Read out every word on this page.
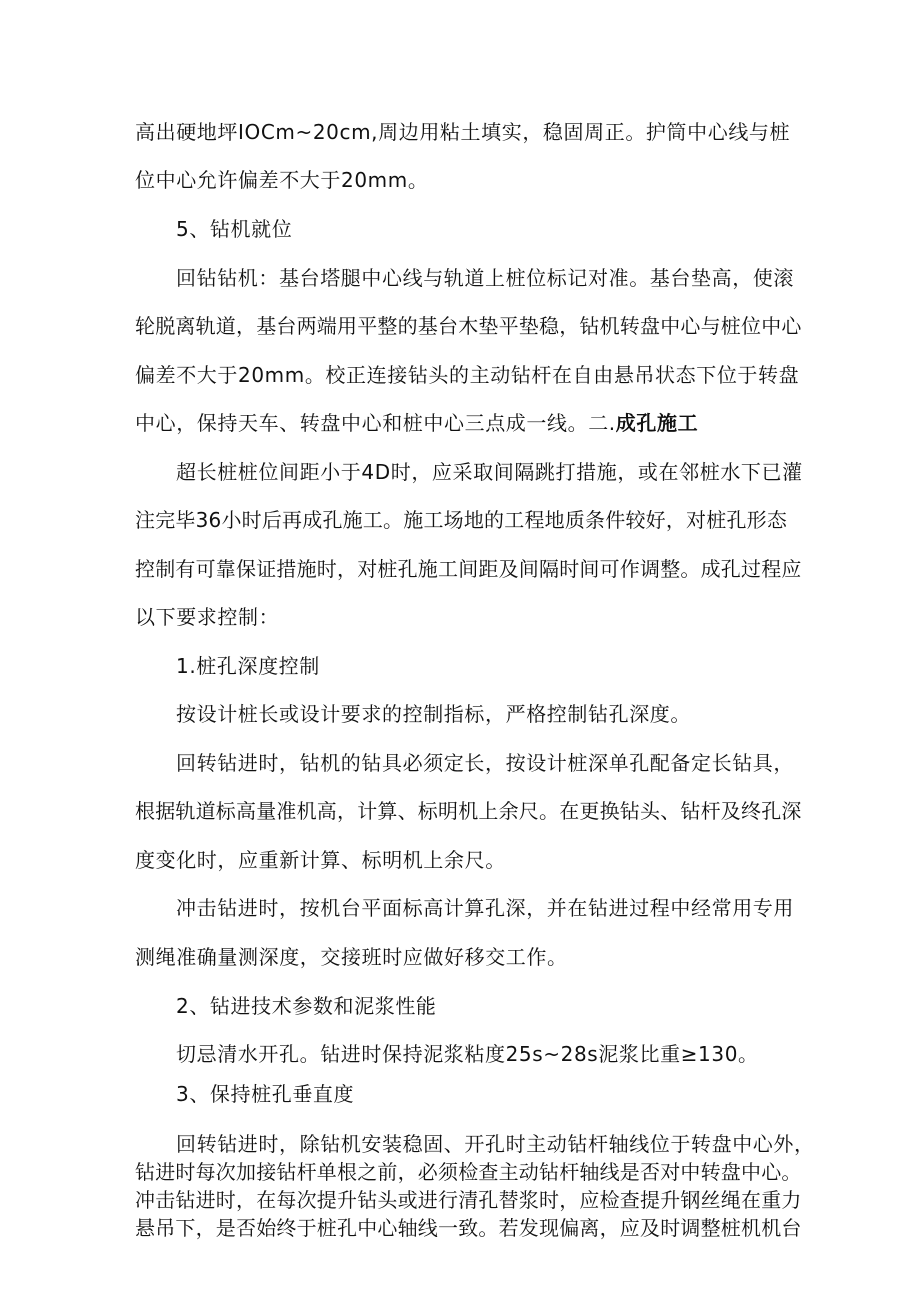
高出硬地坪IOCm~20cm,周边用粘土填实，稳固周正。护筒中心线与桩
位中心允许偏差不大于20mm。
5、钻机就位
回钻钻机：基台塔腿中心线与轨道上桩位标记对准。基台垫高，使滚
轮脱离轨道，基台两端用平整的基台木垫平垫稳，钻机转盘中心与桩位中心
偏差不大于20mm。校正连接钻头的主动钻杆在自由悬吊状态下位于转盘
中心，保持天车、转盘中心和桩中心三点成一线。二.成孔施工
超长桩桩位间距小于4D时，应采取间隔跳打措施，或在邻桩水下已灌
注完毕36小时后再成孔施工。施工场地的工程地质条件较好，对桩孔形态
控制有可靠保证措施时，对桩孔施工间距及间隔时间可作调整。成孔过程应
以下要求控制：
1.桩孔深度控制
按设计桩长或设计要求的控制指标，严格控制钻孔深度。
回转钻进时，钻机的钻具必须定长，按设计桩深单孔配备定长钻具，
根据轨道标高量准机高，计算、标明机上余尺。在更换钻头、钻杆及终孔深
度变化时，应重新计算、标明机上余尺。
冲击钻进时，按机台平面标高计算孔深，并在钻进过程中经常用专用
测绳准确量测深度，交接班时应做好移交工作。
2、钻进技术参数和泥浆性能
切忌清水开孔。钻进时保持泥浆粘度25s~28s泥浆比重≥130。
3、保持桩孔垂直度
回转钻进时，除钻机安装稳固、开孔时主动钻杆轴线位于转盘中心外，
钻进时每次加接钻杆单根之前，必须检查主动钻杆轴线是否对中转盘中心。
冲击钻进时，在每次提升钻头或进行清孔替浆时，应检查提升钢丝绳在重力
悬吊下，是否始终于桩孔中心轴线一致。若发现偏离，应及时调整桩机机台
